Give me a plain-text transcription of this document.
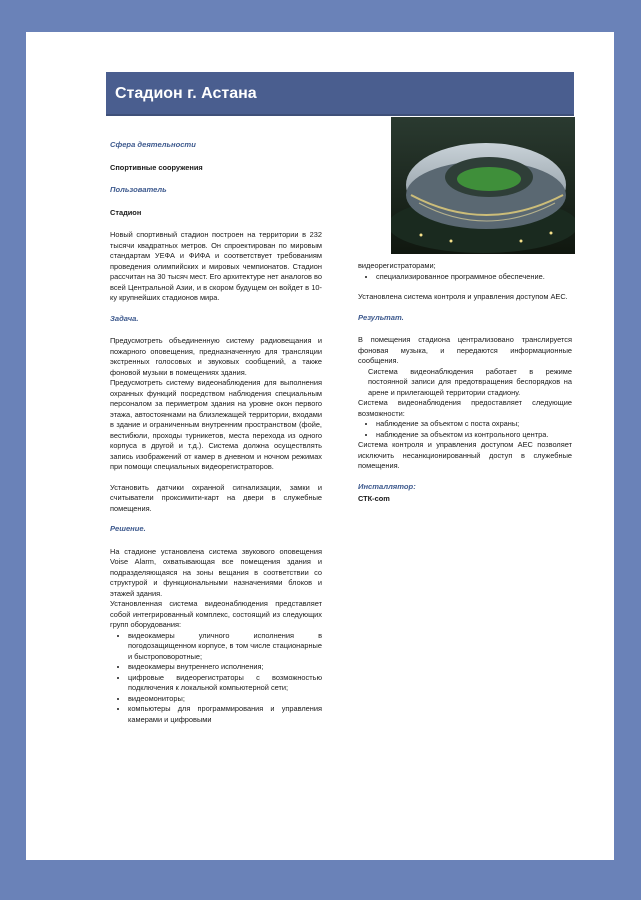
Стадион г. Астана
Сфера деятельности
Спортивные сооружения
Пользователь
Стадион

Новый спортивный стадион построен на территории в 232 тысячи квадратных метров. Он спроектирован по мировым стандартам УЕФА и ФИФА и соответствует требованиям проведения олимпийских и мировых чемпионатов. Стадион рассчитан на 30 тысяч мест. Его архитектуре нет аналогов во всей Центральной Азии, и в скором будущем он войдет в 10-ку крупнейших стадионов мира.

Задача.

Предусмотреть объединенную систему радиовещания и пожарного оповещения, предназначенную для трансляции экстренных голосовых и звуковых сообщений, а также фоновой музыки в помещениях здания.

Предусмотреть систему видеонаблюдения для выполнения охранных функций посредством наблюдения специальным персоналом за периметром здания на уровне окон первого этажа, автостоянками на близлежащей территории, входами в здание и ограниченным внутренним пространством (фойе, вестибюли, проходы турникетов, места перехода из одного корпуса в другой и т.д.). Система должна осуществлять запись изображений от камер в дневном и ночном режимах при помощи специальных видеорегистраторов.

Установить датчики охранной сигнализации, замки и считыватели проксимити-карт на двери в служебные помещения.

Решение.

На стадионе установлена система звукового оповещения Voise Alarm, охватывающая все помещения здания и подразделяющаяся на зоны вещания в соответствии со структурой и функциональными назначениями блоков и этажей здания.

Установленная система видеонаблюдения представляет собой интегрированный комплекс, состоящий из следующих групп оборудования:

• видеокамеры уличного исполнения в погодозащищенном корпусе, в том числе стационарные и быстроповоротные;
• видеокамеры внутреннего исполнения;
• цифровые видеорегистраторы с возможностью подключения к локальной компьютерной сети;
• видеомониторы;
• компьютеры для программирования и управления камерами и цифровыми

видеорегистраторами;

• специализированное программное обеспечение.

Установлена система контроля и управления доступом АЕС.

Результат.

В помещения стадиона централизовано транслируется фоновая музыка, и передаются информационные сообщения.

Система видеонаблюдения работает в режиме постоянной записи для предотвращения беспорядков на арене и прилегающей территории стадиону.

Система видеонаблюдения предоставляет следующие возможности:

• наблюдение за объектом с поста охраны;
• наблюдение за объектом из контрольного центра.

Система контроля и управления доступом АЕС позволяет исключить несанкционированный доступ в служебные помещения.

Инсталлятор:
СТК-com
